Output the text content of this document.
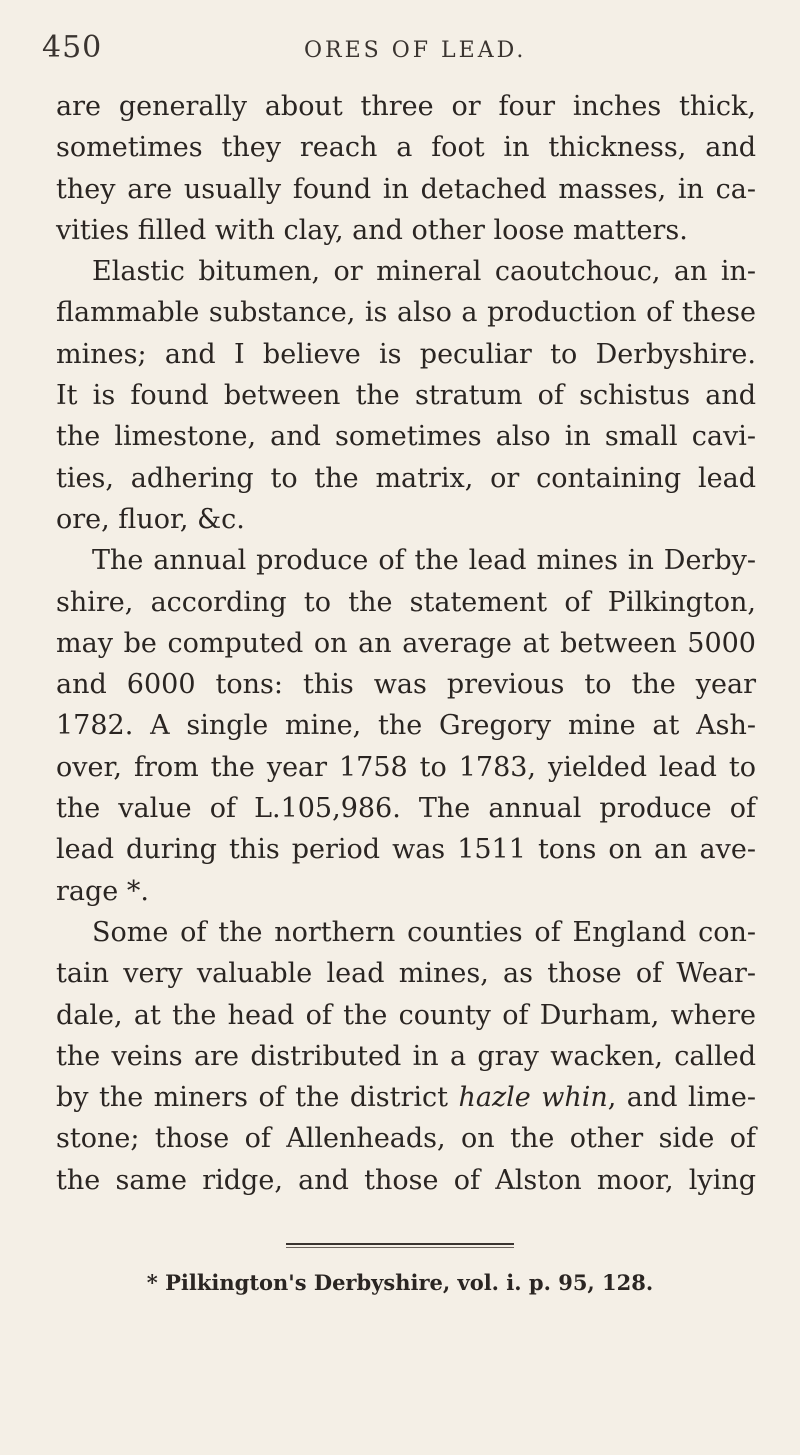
450	ORES OF LEAD.
are generally about three or four inches thick,
sometimes they reach a foot in thickness, and
they are usually found in detached masses, in ca-
vities filled with clay, and other loose matters.
Elastic bitumen, or mineral caoutchouc, an in-
flammable substance, is also a production of these
mines; and I believe is peculiar to Derbyshire.
It is found between the stratum of schistus and
the limestone, and sometimes also in small cavi-
ties, adhering to the matrix, or containing lead
ore, fluor, &c.
The annual produce of the lead mines in Derby-
shire, according to the statement of Pilkington,
may be computed on an average at between 5000
and 6000 tons: this was previous to the year
1782. A single mine, the Gregory mine at Ash-
over, from the year 1758 to 1783, yielded lead to
the value of L.105,986. The annual produce of
lead during this period was 1511 tons on an ave-
rage *.
Some of the northern counties of England con-
tain very valuable lead mines, as those of Wear-
dale, at the head of the county of Durham, where
the veins are distributed in a gray wacken, called
by the miners of the district hazle whin, and lime-
stone; those of Allenheads, on the other side of
the same ridge, and those of Alston moor, lying
* Pilkington's Derbyshire, vol. i. p. 95, 128.
